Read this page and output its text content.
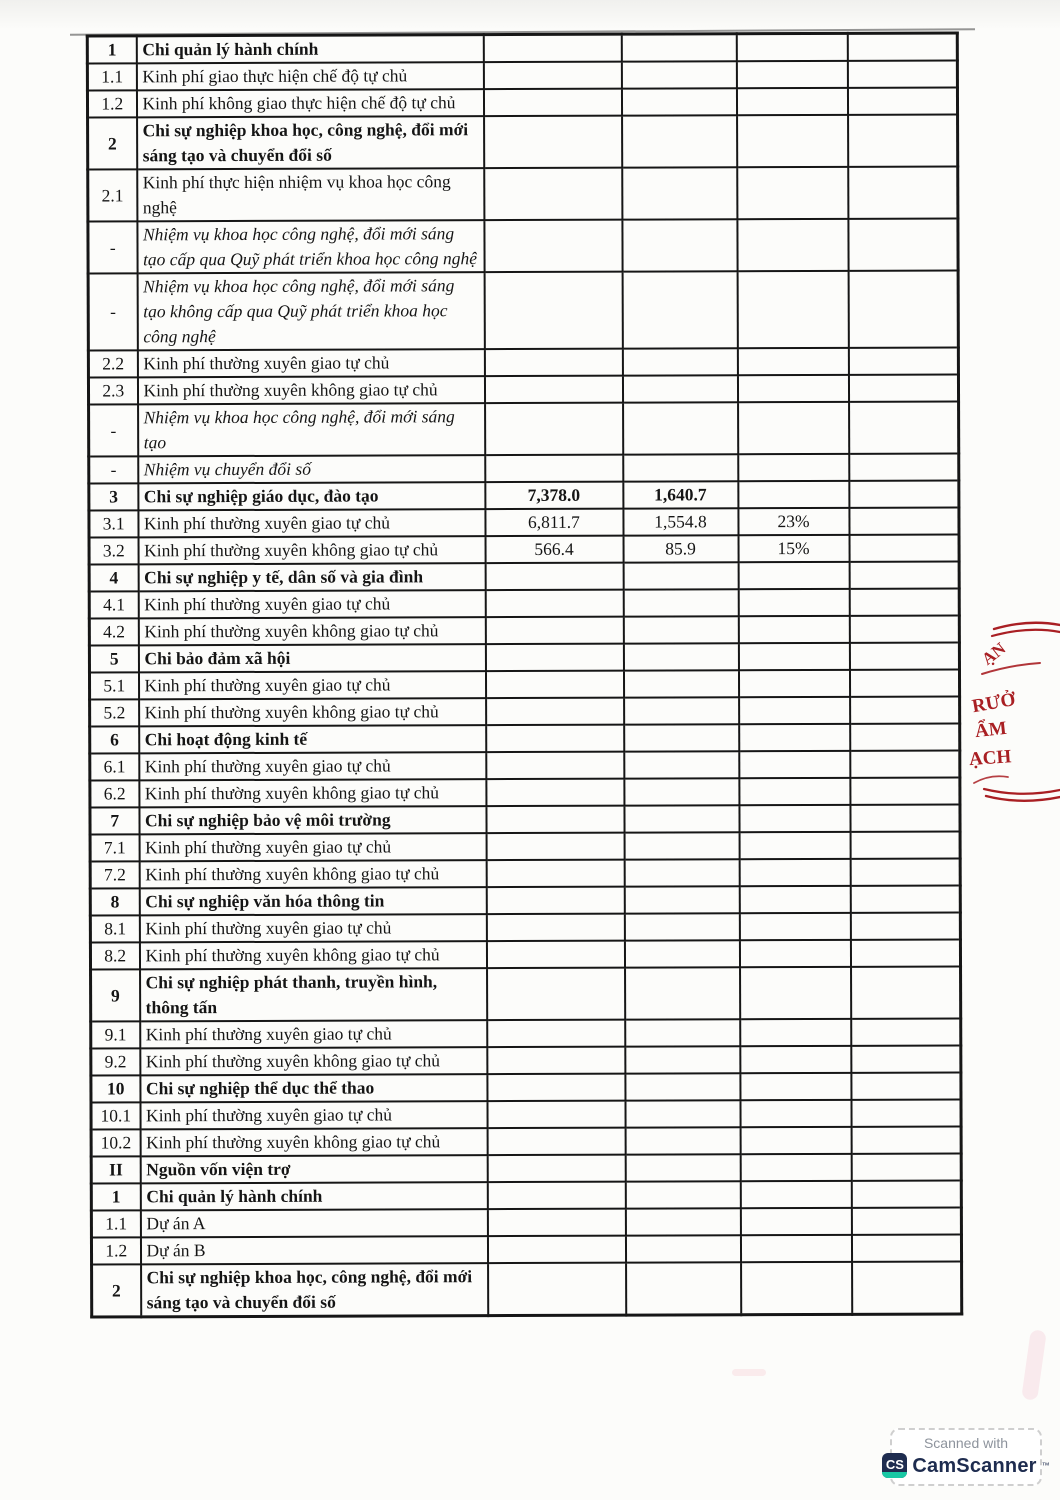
1	Chi quản lý hành chính				
1.1	Kinh phí giao thực hiện chế độ tự chủ				
1.2	Kinh phí không giao thực hiện chế độ tự chủ				
2	Chi sự nghiệp khoa học, công nghệ, đổi mới sáng tạo và chuyển đổi số				
2.1	Kinh phí thực hiện nhiệm vụ khoa học công nghệ				
-	Nhiệm vụ khoa học công nghệ, đổi mới sáng tạo cấp qua Quỹ phát triển khoa học công nghệ				
-	Nhiệm vụ khoa học công nghệ, đổi mới sáng tạo không cấp qua Quỹ phát triển khoa học công nghệ				
2.2	Kinh phí thường xuyên giao tự chủ				
2.3	Kinh phí thường xuyên không giao tự chủ				
-	Nhiệm vụ khoa học công nghệ, đổi mới sáng tạo				
-	Nhiệm vụ chuyển đổi số				
3	Chi sự nghiệp giáo dục, đào tạo	7,378.0	1,640.7		
3.1	Kinh phí thường xuyên giao tự chủ	6,811.7	1,554.8	23%	
3.2	Kinh phí thường xuyên không giao tự chủ	566.4	85.9	15%	
4	Chi sự nghiệp y tế, dân số và gia đình				
4.1	Kinh phí thường xuyên giao tự chủ				
4.2	Kinh phí thường xuyên không giao tự chủ				
5	Chi bảo đảm xã hội				
5.1	Kinh phí thường xuyên giao tự chủ				
5.2	Kinh phí thường xuyên không giao tự chủ				
6	Chi hoạt động kinh tế				
6.1	Kinh phí thường xuyên giao tự chủ				
6.2	Kinh phí thường xuyên không giao tự chủ				
7	Chi sự nghiệp bảo vệ môi trường				
7.1	Kinh phí thường xuyên giao tự chủ				
7.2	Kinh phí thường xuyên không giao tự chủ				
8	Chi sự nghiệp văn hóa thông tin				
8.1	Kinh phí thường xuyên giao tự chủ				
8.2	Kinh phí thường xuyên không giao tự chủ				
9	Chi sự nghiệp phát thanh, truyền hình, thông tấn				
9.1	Kinh phí thường xuyên giao tự chủ				
9.2	Kinh phí thường xuyên không giao tự chủ				
10	Chi sự nghiệp thể dục thể thao				
10.1	Kinh phí thường xuyên giao tự chủ				
10.2	Kinh phí thường xuyên không giao tự chủ				
II	Nguồn vốn viện trợ				
1	Chi quản lý hành chính				
1.1	Dự án A				
1.2	Dự án B				
2	Chi sự nghiệp khoa học, công nghệ, đổi mới sáng tạo và chuyển đổi số				
ẠN
RƯỞ
ẨM
ẠCH
Scanned with
CS CamScanner ™
